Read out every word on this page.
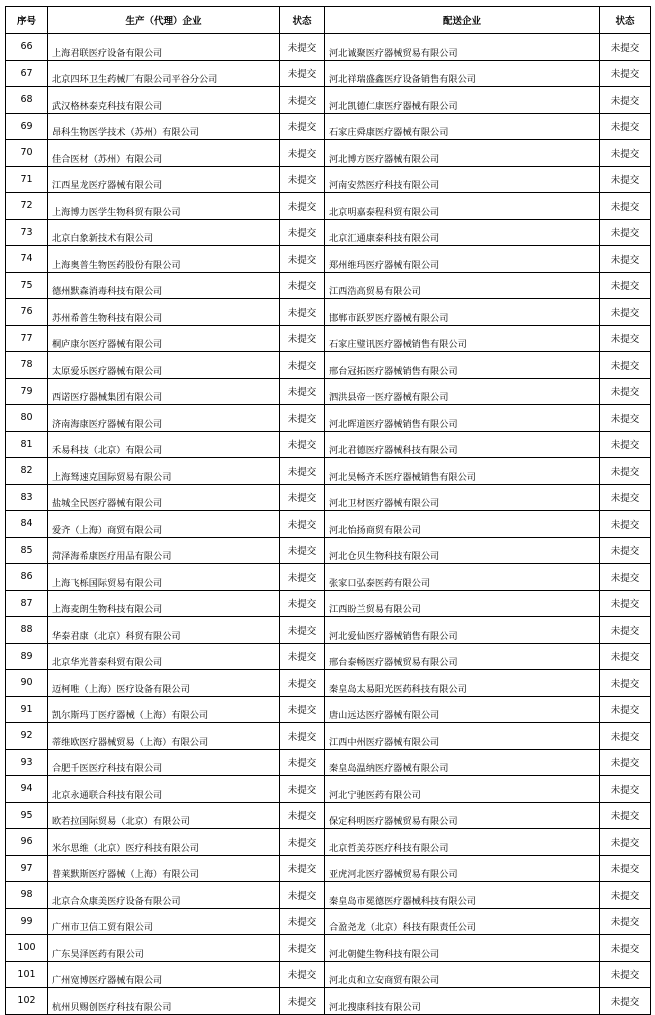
序号	生产（代理）企业	状态	配送企业	状态
66	上海君联医疗设备有限公司	未提交	河北诚聚医疗器械贸易有限公司	未提交
67	北京四环卫生药械厂有限公司平谷分公司	未提交	河北祥瑞盛鑫医疗设备销售有限公司	未提交
68	武汉格林泰克科技有限公司	未提交	河北凯德仁康医疗器械有限公司	未提交
69	昂科生物医学技术（苏州）有限公司	未提交	石家庄舜康医疗器械有限公司	未提交
70	佳合医材（苏州）有限公司	未提交	河北博方医疗器械有限公司	未提交
71	江西星龙医疗器械有限公司	未提交	河南安然医疗科技有限公司	未提交
72	上海博力医学生物科贸有限公司	未提交	北京明嘉泰程科贸有限公司	未提交
73	北京白象新技术有限公司	未提交	北京汇通康泰科技有限公司	未提交
74	上海奥普生物医药股份有限公司	未提交	郑州维玛医疗器械有限公司	未提交
75	德州默森消毒科技有限公司	未提交	江西浩高贸易有限公司	未提交
76	苏州希普生物科技有限公司	未提交	邯郸市跃罗医疗器械有限公司	未提交
77	桐庐康尔医疗器械有限公司	未提交	石家庄璧讯医疗器械销售有限公司	未提交
78	太原爱乐医疗器械有限公司	未提交	邢台冠拓医疗器械销售有限公司	未提交
79	西诺医疗器械集团有限公司	未提交	泗洪县帝一医疗器械有限公司	未提交
80	济南海康医疗器械有限公司	未提交	河北晖道医疗器械销售有限公司	未提交
81	禾易科技（北京）有限公司	未提交	河北君德医疗器械科技有限公司	未提交
82	上海驽速克国际贸易有限公司	未提交	河北昊畅齐禾医疗器械销售有限公司	未提交
83	盐城全民医疗器械有限公司	未提交	河北卫材医疗器械有限公司	未提交
84	爱齐（上海）商贸有限公司	未提交	河北怡扬商贸有限公司	未提交
85	菏泽海希康医疗用品有限公司	未提交	河北仓贝生物科技有限公司	未提交
86	上海飞栎国际贸易有限公司	未提交	张家口弘泰医药有限公司	未提交
87	上海麦朗生物科技有限公司	未提交	江西盼兰贸易有限公司	未提交
88	华泰君康（北京）科贸有限公司	未提交	河北爱仙医疗器械销售有限公司	未提交
89	北京华光普泰科贸有限公司	未提交	邢台泰畅医疗器械贸易有限公司	未提交
90	迈柯唯（上海）医疗设备有限公司	未提交	秦皇岛太易阳光医药科技有限公司	未提交
91	凯尔斯玛丁医疗器械（上海）有限公司	未提交	唐山远达医疗器械有限公司	未提交
92	蒂维欧医疗器械贸易（上海）有限公司	未提交	江西中州医疗器械有限公司	未提交
93	合肥千医医疗科技有限公司	未提交	秦皇岛温纳医疗器械有限公司	未提交
94	北京永通联合科技有限公司	未提交	河北宁驰医药有限公司	未提交
95	欧若拉国际贸易（北京）有限公司	未提交	保定科明医疗器械贸易有限公司	未提交
96	米尔思维（北京）医疗科技有限公司	未提交	北京哲美芬医疗科技有限公司	未提交
97	普莱默斯医疗器械（上海）有限公司	未提交	亚虎河北医疗器械贸易有限公司	未提交
98	北京合众康美医疗设备有限公司	未提交	秦皇岛市冕德医疗器械科技有限公司	未提交
99	广州市卫信工贸有限公司	未提交	合盈尧龙（北京）科技有限责任公司	未提交
100	广东昊泽医药有限公司	未提交	河北朝健生物科技有限公司	未提交
101	广州宽博医疗器械有限公司	未提交	河北贞和立安商贸有限公司	未提交
102	杭州贝赐创医疗科技有限公司	未提交	河北搜康科技有限公司	未提交
